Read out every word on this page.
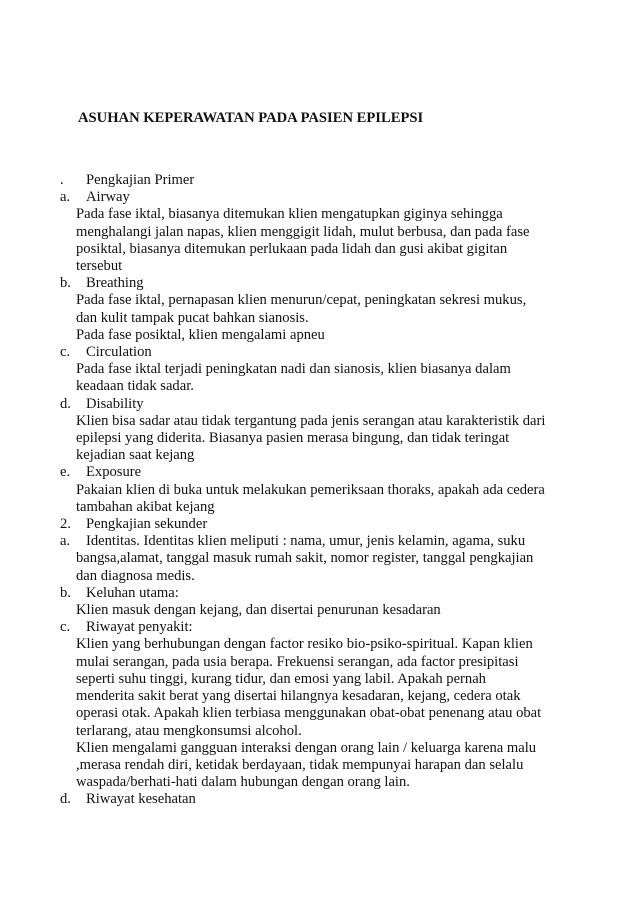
ASUHAN KEPERAWATAN PADA PASIEN EPILEPSI
.	Pengkajian Primer
a.	Airway
Pada fase iktal, biasanya ditemukan klien mengatupkan giginya sehingga
menghalangi jalan napas, klien menggigit lidah, mulut berbusa, dan pada fase
posiktal, biasanya ditemukan perlukaan pada lidah dan gusi akibat gigitan
tersebut
b.	Breathing
Pada fase iktal, pernapasan klien menurun/cepat, peningkatan sekresi mukus,
dan kulit tampak pucat bahkan sianosis.
Pada fase posiktal, klien mengalami apneu
c.	Circulation
Pada fase iktal terjadi peningkatan nadi dan sianosis, klien biasanya dalam
keadaan tidak sadar.
d.	Disability
Klien bisa sadar atau tidak tergantung pada jenis serangan atau karakteristik dari
epilepsi yang diderita. Biasanya pasien merasa bingung, dan tidak teringat
kejadian saat kejang
e.	Exposure
Pakaian klien di buka untuk melakukan pemeriksaan thoraks, apakah ada cedera
tambahan akibat kejang
2.	Pengkajian sekunder
a.	Identitas. Identitas klien meliputi : nama, umur, jenis kelamin, agama, suku
bangsa,alamat, tanggal masuk rumah sakit, nomor register, tanggal pengkajian
dan diagnosa medis.
b.	Keluhan utama:
Klien masuk dengan kejang, dan disertai penurunan kesadaran
c.	Riwayat penyakit:
Klien yang berhubungan dengan factor resiko bio-psiko-spiritual. Kapan klien
mulai serangan, pada usia berapa. Frekuensi serangan, ada factor presipitasi
seperti suhu tinggi, kurang tidur, dan emosi yang labil. Apakah pernah
menderita sakit berat yang disertai hilangnya kesadaran, kejang, cedera otak
operasi otak. Apakah klien terbiasa menggunakan obat-obat penenang atau obat
terlarang, atau mengkonsumsi alcohol.
Klien mengalami gangguan interaksi dengan orang lain / keluarga karena malu
,merasa rendah diri, ketidak berdayaan, tidak mempunyai harapan dan selalu
waspada/berhati-hati dalam hubungan dengan orang lain.
d.	Riwayat kesehatan
